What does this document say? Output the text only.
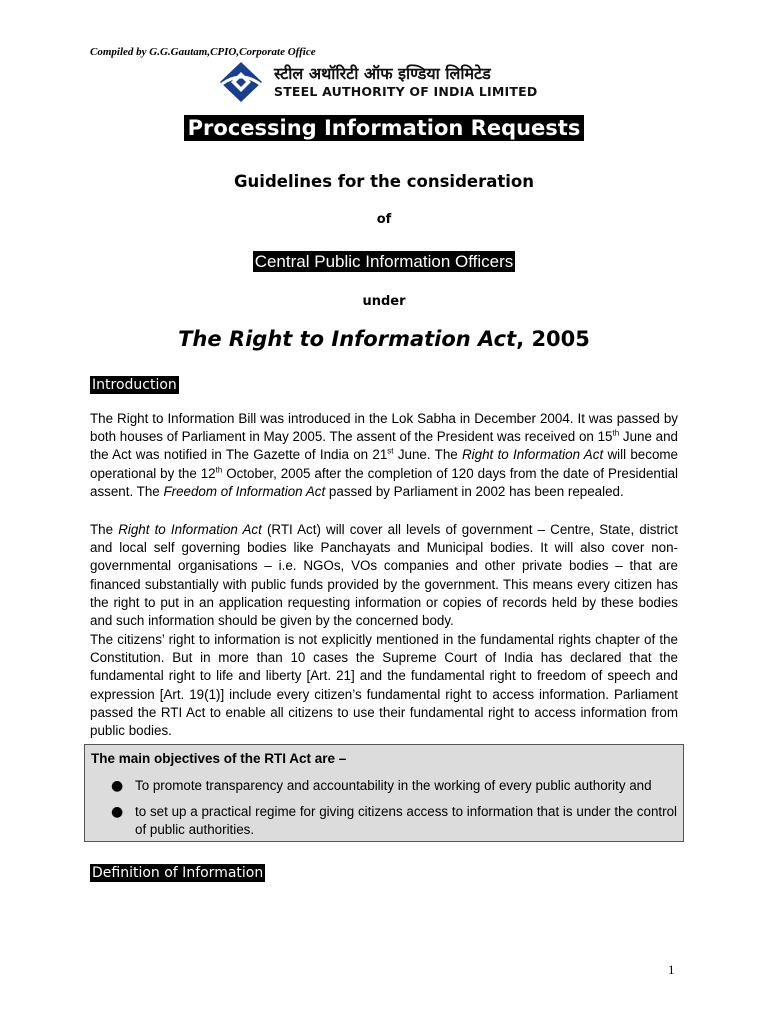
Compiled by G.G.Gautam,CPIO,Corporate Office
स्टील अथॉरिटी ऑफ इण्डिया लिमिटेड
STEEL AUTHORITY OF INDIA LIMITED
Processing Information Requests
Guidelines for the consideration
of
Central Public Information Officers
under
The Right to Information Act, 2005
Introduction

The Right to Information Bill was introduced in the Lok Sabha in December 2004. It was passed by both houses of Parliament in May 2005. The assent of the President was received on 15th June and the Act was notified in The Gazette of India on 21st June. The Right to Information Act will become operational by the 12th October, 2005 after the completion of 120 days from the date of Presidential assent. The Freedom of Information Act passed by Parliament in 2002 has been repealed.

The Right to Information Act (RTI Act) will cover all levels of government – Centre, State, district and local self governing bodies like Panchayats and Municipal bodies. It will also cover non- governmental organisations – i.e. NGOs, VOs companies and other private bodies – that are financed substantially with public funds provided by the government. This means every citizen has the right to put in an application requesting information or copies of records held by these bodies and such information should be given by the concerned body.

The citizens’ right to information is not explicitly mentioned in the fundamental rights chapter of the Constitution. But in more than 10 cases the Supreme Court of India has declared that the fundamental right to life and liberty [Art. 21] and the fundamental right to freedom of speech and expression [Art. 19(1)] include every citizen’s fundamental right to access information. Parliament passed the RTI Act to enable all citizens to use their fundamental right to access information from public bodies.

The main objectives of the RTI Act are –
● To promote transparency and accountability in the working of every public authority and
● to set up a practical regime for giving citizens access to information that is under the control of public authorities.
Definition of Information
1
